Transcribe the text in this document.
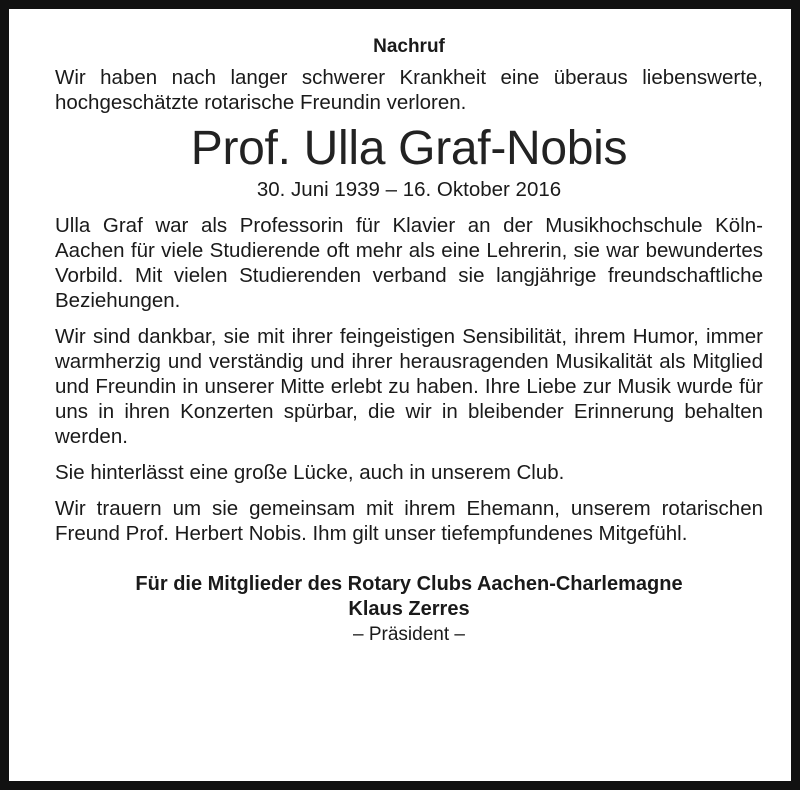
Nachruf

Wir haben nach langer schwerer Krankheit eine überaus liebenswerte, hochgeschätzte rotarische Freundin verloren.

Prof. Ulla Graf-Nobis

30. Juni 1939 – 16. Oktober 2016

Ulla Graf war als Professorin für Klavier an der Musikhochschule Köln-Aachen für viele Studierende oft mehr als eine Lehrerin, sie war bewundertes Vorbild. Mit vielen Studierenden verband sie langjährige freundschaftliche Beziehungen.

Wir sind dankbar, sie mit ihrer feingeistigen Sensibilität, ihrem Humor, immer warmherzig und verständig und ihrer herausragenden Musikalität als Mitglied und Freundin in unserer Mitte erlebt zu haben. Ihre Liebe zur Musik wurde für uns in ihren Konzerten spürbar, die wir in bleibender Erinnerung behalten werden.

Sie hinterlässt eine große Lücke, auch in unserem Club.

Wir trauern um sie gemeinsam mit ihrem Ehemann, unserem rotarischen Freund Prof. Herbert Nobis. Ihm gilt unser tiefempfundenes Mitgefühl.

Für die Mitglieder des Rotary Clubs Aachen-Charlemagne

Klaus Zerres

– Präsident –
